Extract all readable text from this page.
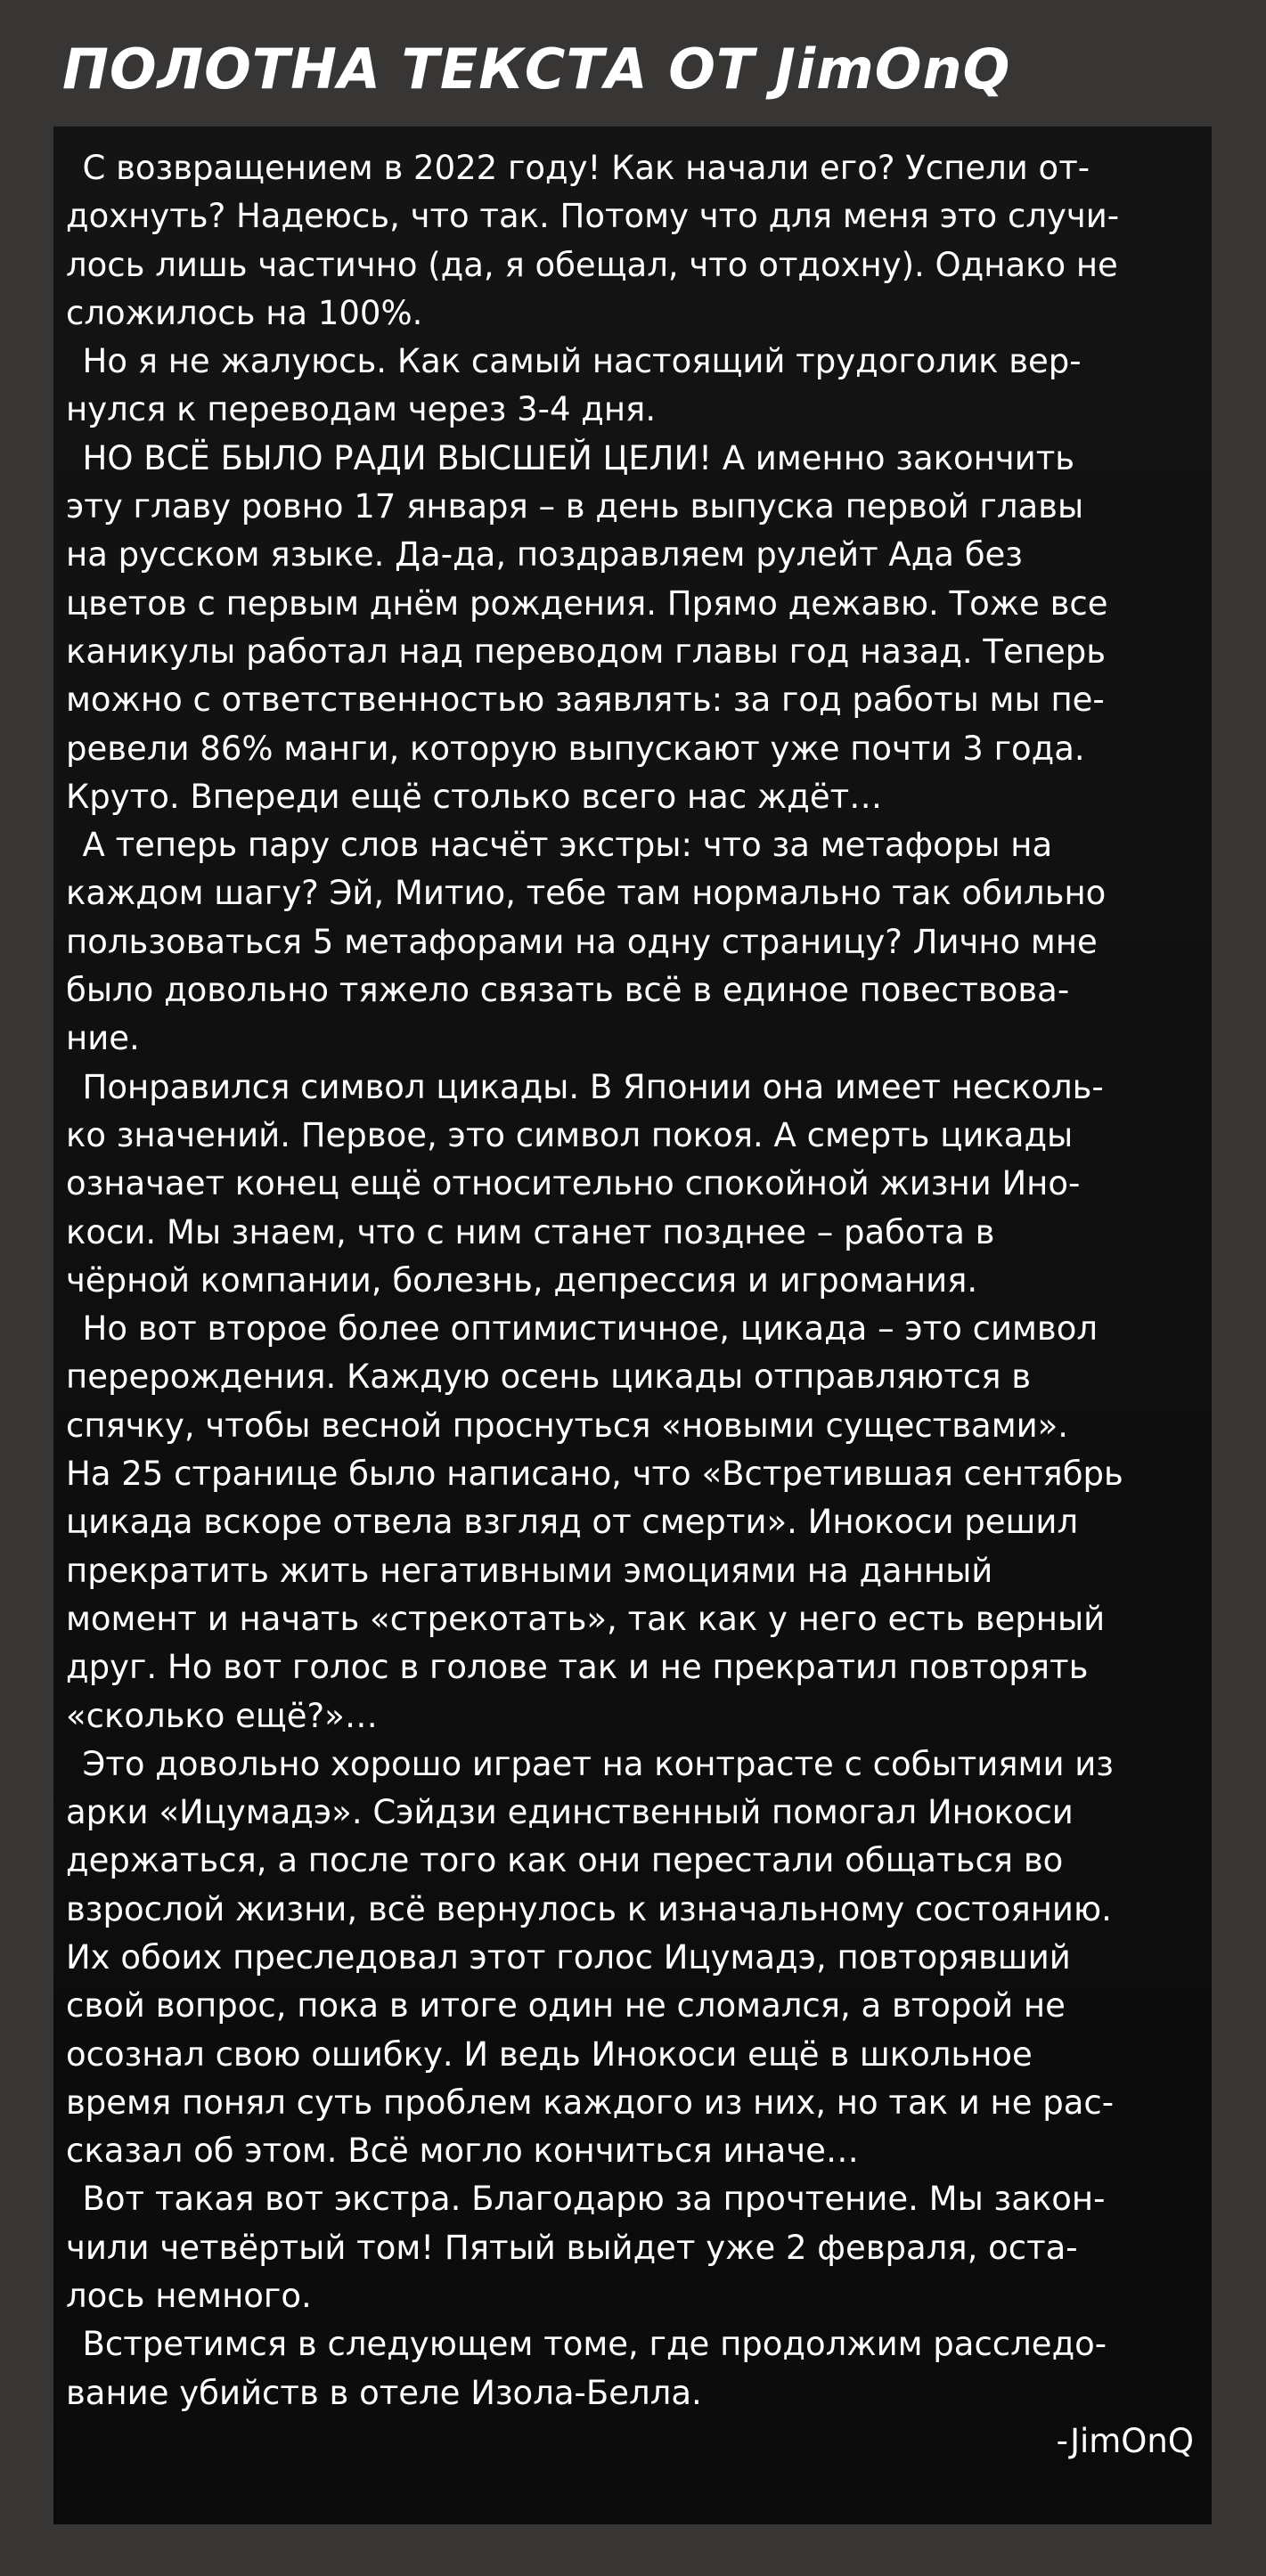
ПОЛОТНА ТЕКСТА ОТ JimOnQ

С возвращением в 2022 году! Как начали его? Успели от-
дохнуть? Надеюсь, что так. Потому что для меня это случи-
лось лишь частично (да, я обещал, что отдохну). Однако не
сложилось на 100%.

Но я не жалуюсь. Как самый настоящий трудоголик вер-
нулся к переводам через 3-4 дня.

НО ВСЁ БЫЛО РАДИ ВЫСШЕЙ ЦЕЛИ! А именно закончить
эту главу ровно 17 января – в день выпуска первой главы
на русском языке. Да-да, поздравляем рулейт Ада без
цветов с первым днём рождения. Прямо дежавю. Тоже все
каникулы работал над переводом главы год назад. Теперь
можно с ответственностью заявлять: за год работы мы пе-
ревели 86% манги, которую выпускают уже почти 3 года.
Круто. Впереди ещё столько всего нас ждёт…

А теперь пару слов насчёт экстры: что за метафоры на
каждом шагу? Эй, Митио, тебе там нормально так обильно
пользоваться 5 метафорами на одну страницу? Лично мне
было довольно тяжело связать всё в единое повествова-
ние.

Понравился символ цикады. В Японии она имеет несколь-
ко значений. Первое, это символ покоя. А смерть цикады
означает конец ещё относительно спокойной жизни Ино-
коси. Мы знаем, что с ним станет позднее – работа в
чёрной компании, болезнь, депрессия и игромания.

Но вот второе более оптимистичное, цикада – это символ
перерождения. Каждую осень цикады отправляются в
спячку, чтобы весной проснуться «новыми существами».
На 25 странице было написано, что «Встретившая сентябрь
цикада вскоре отвела взгляд от смерти». Инокоси решил
прекратить жить негативными эмоциями на данный
момент и начать «стрекотать», так как у него есть верный
друг. Но вот голос в голове так и не прекратил повторять
«сколько ещё?»…

Это довольно хорошо играет на контрасте с событиями из
арки «Ицумадэ». Сэйдзи единственный помогал Инокоси
держаться, а после того как они перестали общаться во
взрослой жизни, всё вернулось к изначальному состоянию.
Их обоих преследовал этот голос Ицумадэ, повторявший
свой вопрос, пока в итоге один не сломался, а второй не
осознал свою ошибку. И ведь Инокоси ещё в школьное
время понял суть проблем каждого из них, но так и не рас-
сказал об этом. Всё могло кончиться иначе…

Вот такая вот экстра. Благодарю за прочтение. Мы закон-
чили четвёртый том! Пятый выйдет уже 2 февраля, оста-
лось немного.

Встретимся в следующем томе, где продолжим расследо-
вание убийств в отеле Изола-Белла.

-JimOnQ
